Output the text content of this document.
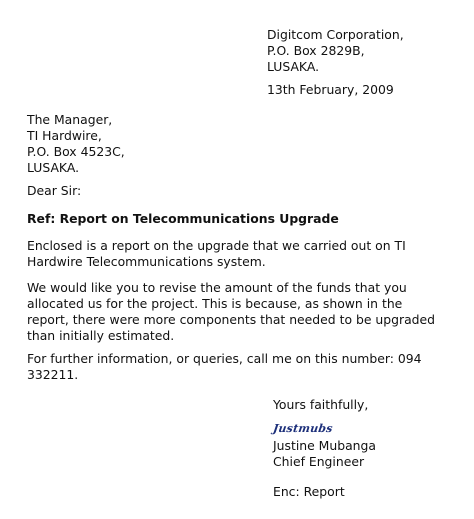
Digitcom Corporation,
P.O. Box 2829B,
LUSAKA.
13th February, 2009
The Manager,
TI Hardwire,
P.O. Box 4523C,
LUSAKA.
Dear Sir:
Ref: Report on Telecommunications Upgrade
Enclosed is a report on the upgrade that we carried out on TI
Hardwire Telecommunications system.
We would like you to revise the amount of the funds that you
allocated us for the project. This is because, as shown in the
report, there were more components that needed to be upgraded
than initially estimated.
For further information, or queries, call me on this number: 094
332211.
Yours faithfully,
Justmubs
Justine Mubanga
Chief Engineer
Enc: Report
